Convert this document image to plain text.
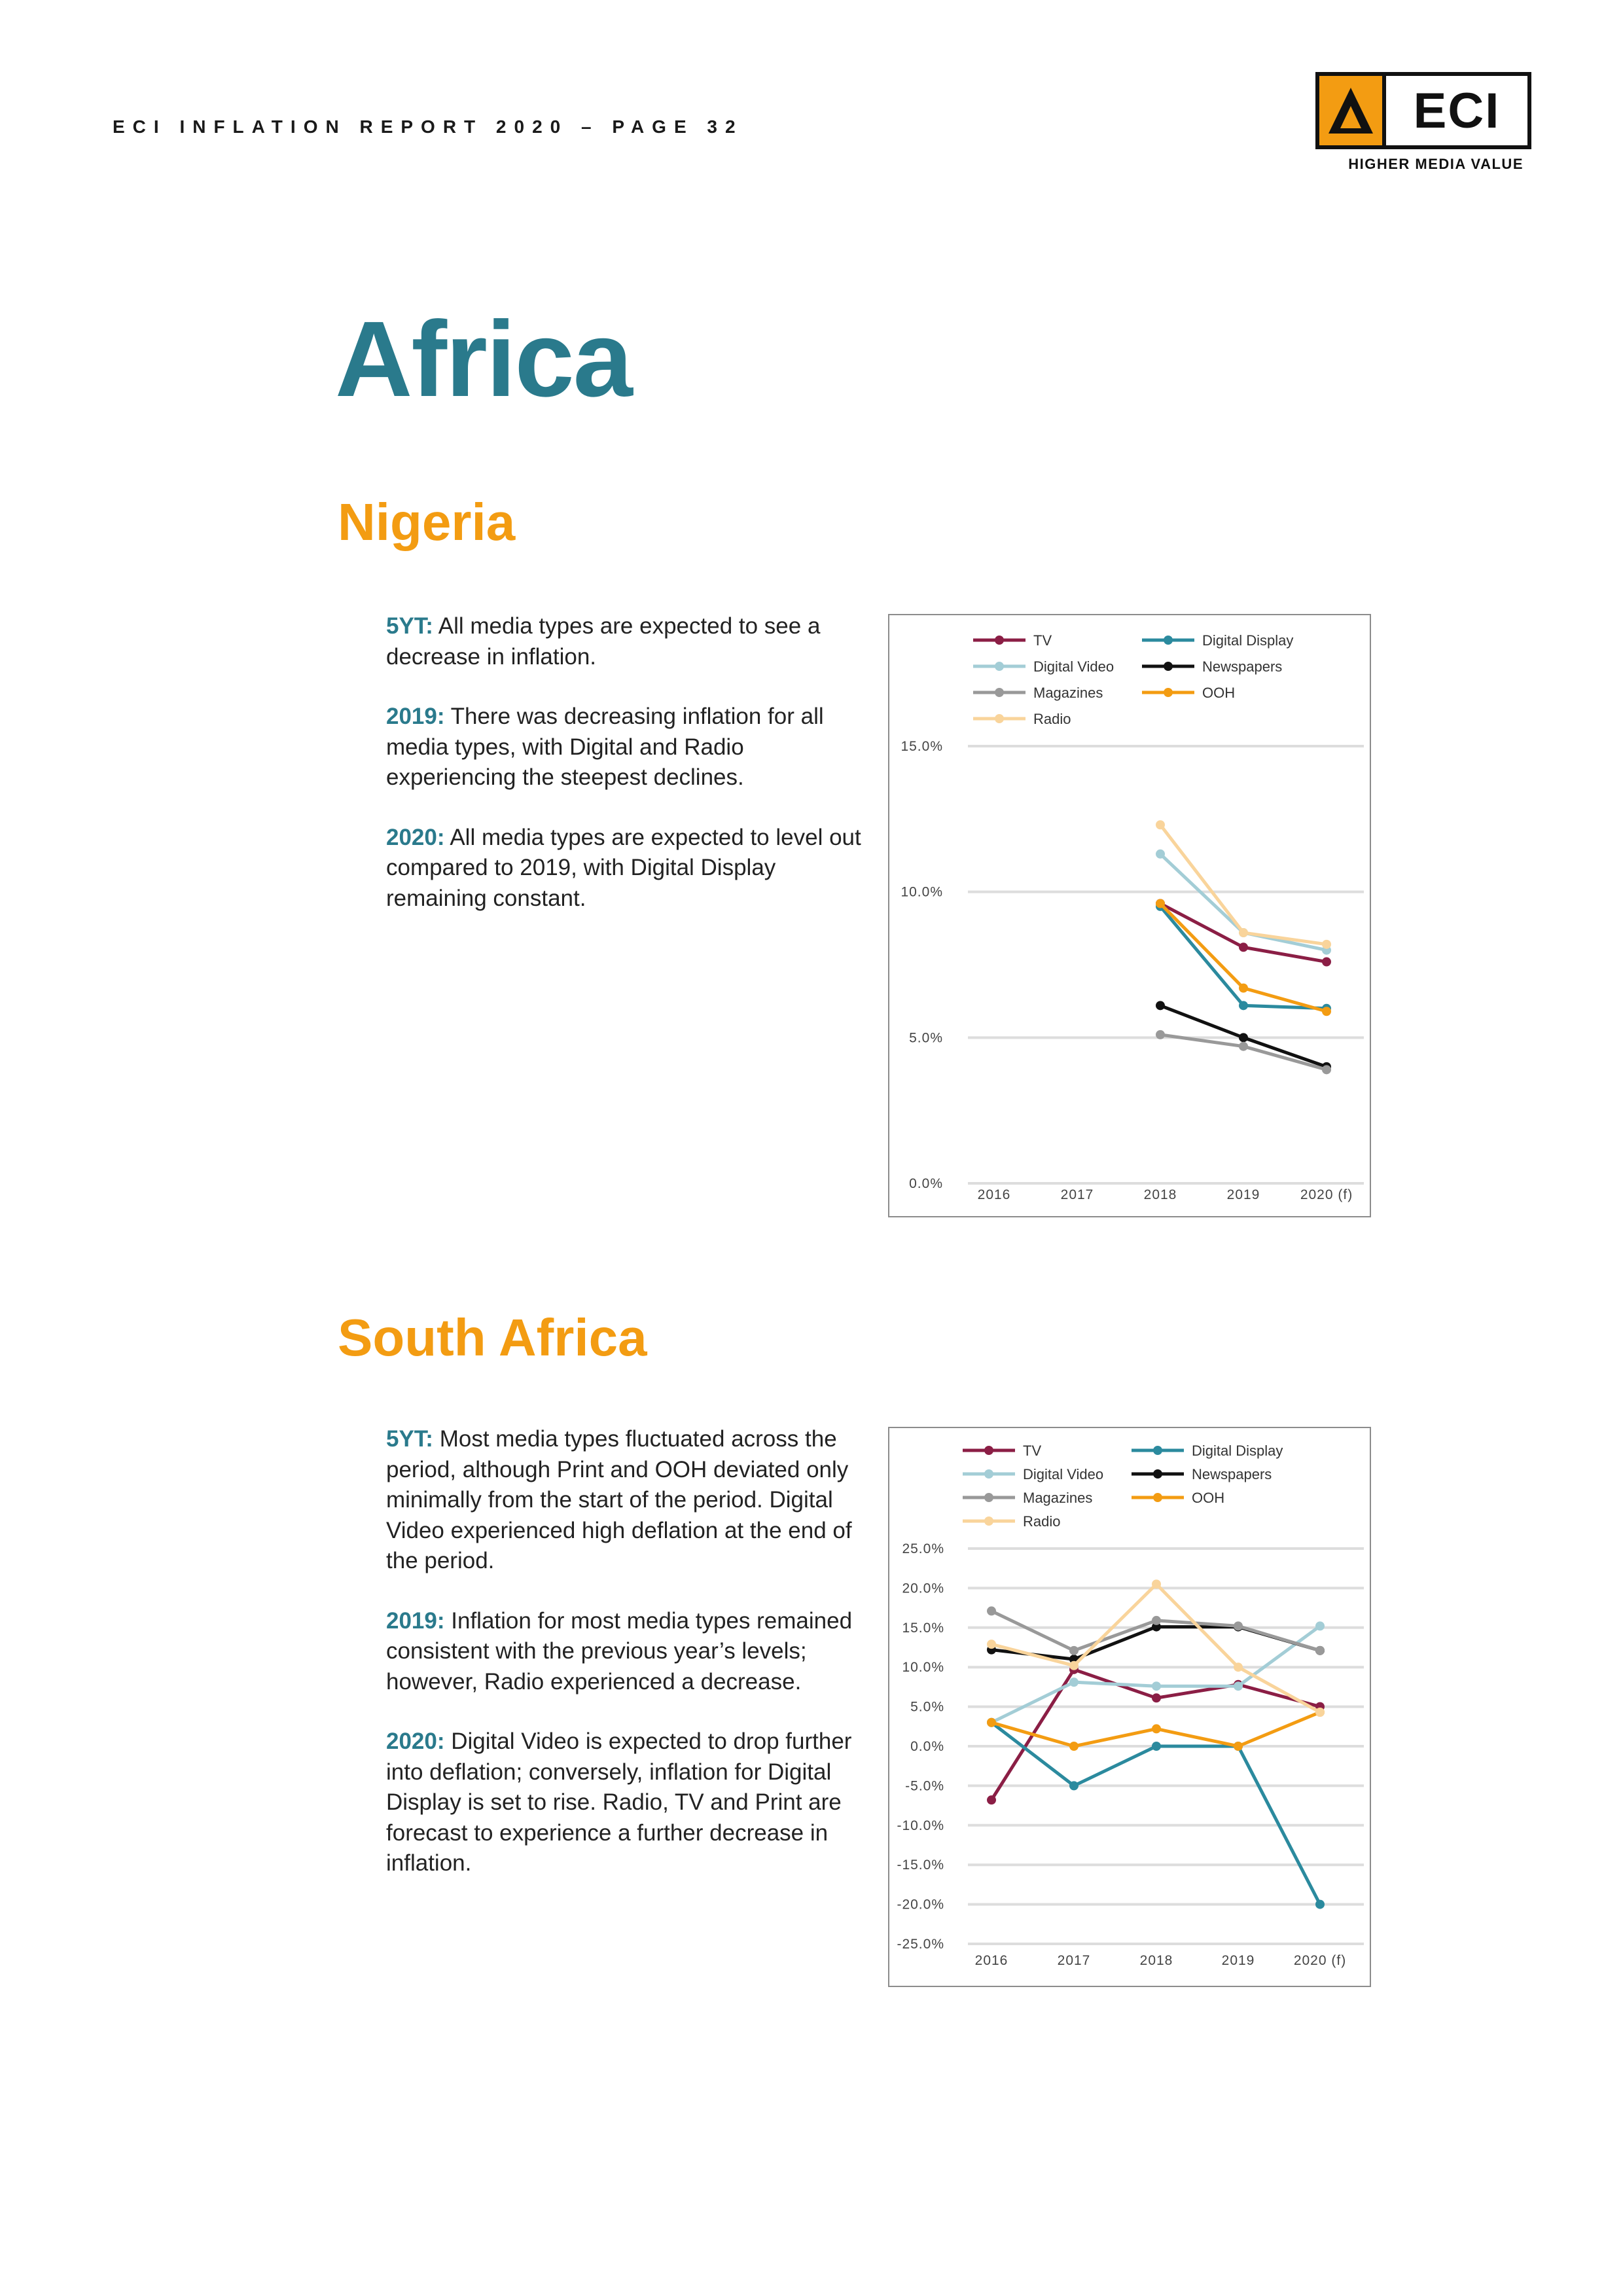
ECI INFLATION REPORT 2020 – PAGE 32	ECI
HIGHER MEDIA VALUE
Africa
Nigeria

5YT: All media types are expected to see a decrease in inflation.

2019: There was decreasing inflation for all media types, with Digital and Radio experiencing the steepest declines.

2020: All media types are expected to level out compared to 2019, with Digital Display remaining constant.

0.0%
5.0%
10.0%
15.0%
2016	2017	2018	2019	2020 (f)
TV	Digital Display
Digital Video	Newspapers
Magazines	OOH
Radio
South Africa

5YT: Most media types fluctuated across the period, although Print and OOH deviated only minimally from the start of the period. Digital Video experienced high deflation at the end of the period.

2019: Inflation for most media types remained consistent with the previous year’s levels; however, Radio experienced a decrease.

2020: Digital Video is expected to drop further into deflation; conversely, inflation for Digital Display is set to rise. Radio, TV and Print are forecast to experience a further decrease in inflation.

-25.0%
-20.0%
-15.0%
-10.0%
-5.0%
0.0%
5.0%
10.0%
15.0%
20.0%
25.0%
2016	2017	2018	2019	2020 (f)
TV	Digital Display
Digital Video	Newspapers
Magazines	OOH
Radio
